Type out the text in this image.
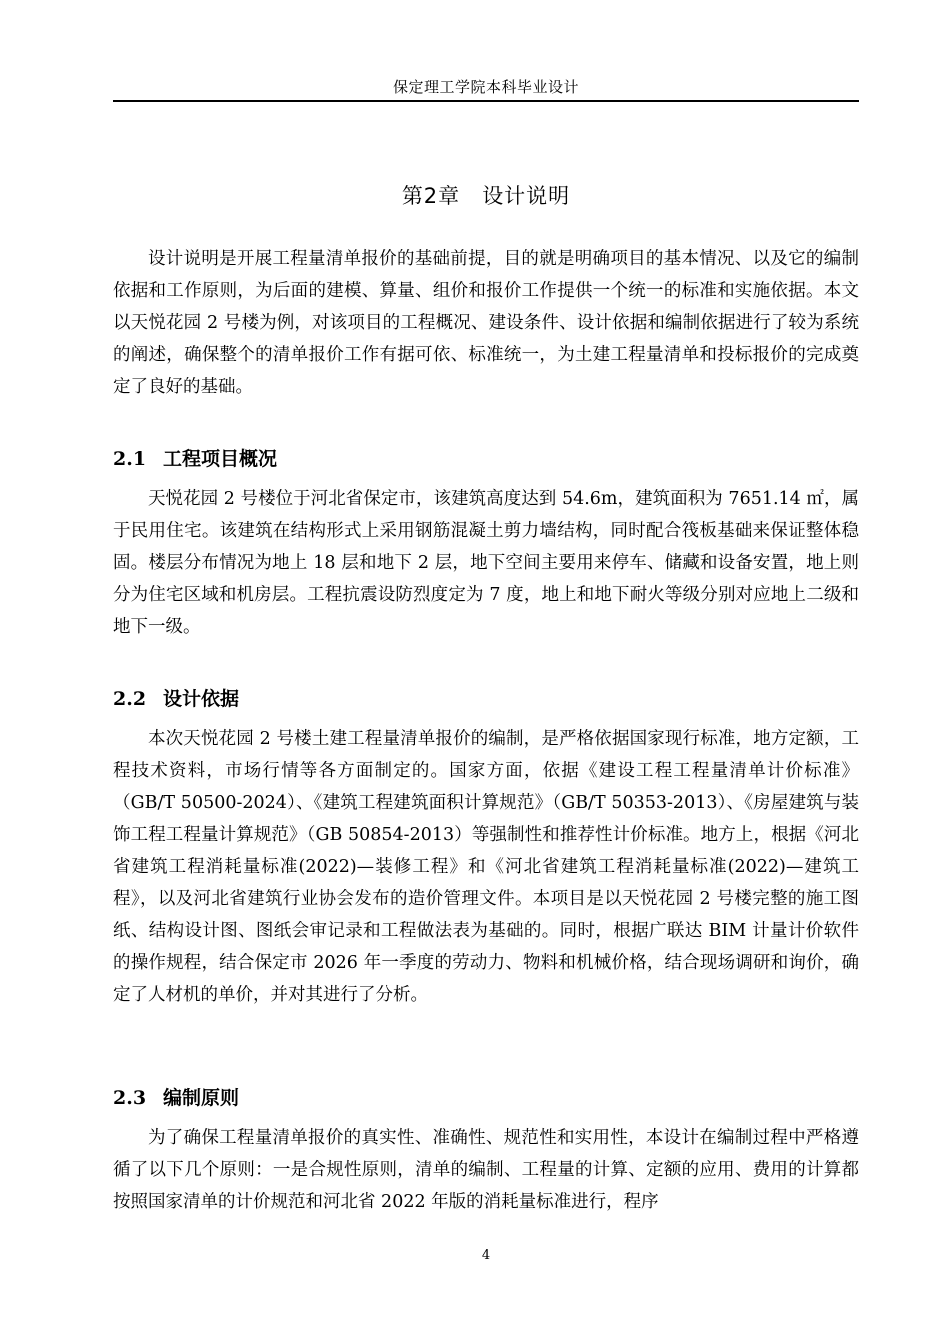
保定理工学院本科毕业设计
第2章 设计说明

设计说明是开展工程量清单报价的基础前提，目的就是明确项目的基本情况、以及它的编制依据和工作原则，为后面的建模、算量、组价和报价工作提供一个统一的标准和实施依据。本文以天悦花园 2 号楼为例，对该项目的工程概况、建设条件、设计依据和编制依据进行了较为系统的阐述，确保整个的清单报价工作有据可依、标准统一，为土建工程量清单和投标报价的完成奠定了良好的基础。

2.1 工程项目概况

天悦花园 2 号楼位于河北省保定市，该建筑高度达到 54.6m，建筑面积为 7651.14 ㎡，属于民用住宅。该建筑在结构形式上采用钢筋混凝土剪力墙结构，同时配合筏板基础来保证整体稳固。楼层分布情况为地上 18 层和地下 2 层，地下空间主要用来停车、储藏和设备安置，地上则分为住宅区域和机房层。工程抗震设防烈度定为 7 度，地上和地下耐火等级分别对应地上二级和地下一级。

2.2 设计依据

本次天悦花园 2 号楼土建工程量清单报价的编制，是严格依据国家现行标准，地方定额，工程技术资料，市场行情等各方面制定的。国家方面，依据《建设工程工程量清单计价标准》（GB/T 50500-2024）、《建筑工程建筑面积计算规范》（GB/T 50353-2013）、《房屋建筑与装饰工程工程量计算规范》（GB 50854-2013）等强制性和推荐性计价标准。地方上，根据《河北省建筑工程消耗量标准(2022)—装修工程》和《河北省建筑工程消耗量标准(2022)—建筑工程》，以及河北省建筑行业协会发布的造价管理文件。本项目是以天悦花园 2 号楼完整的施工图纸、结构设计图、图纸会审记录和工程做法表为基础的。同时，根据广联达 BIM 计量计价软件的操作规程，结合保定市 2026 年一季度的劳动力、物料和机械价格，结合现场调研和询价，确定了人材机的单价，并对其进行了分析。

2.3 编制原则

为了确保工程量清单报价的真实性、准确性、规范性和实用性，本设计在编制过程中严格遵循了以下几个原则：一是合规性原则，清单的编制、工程量的计算、定额的应用、费用的计算都按照国家清单的计价规范和河北省 2022 年版的消耗量标准进行，程序

4
